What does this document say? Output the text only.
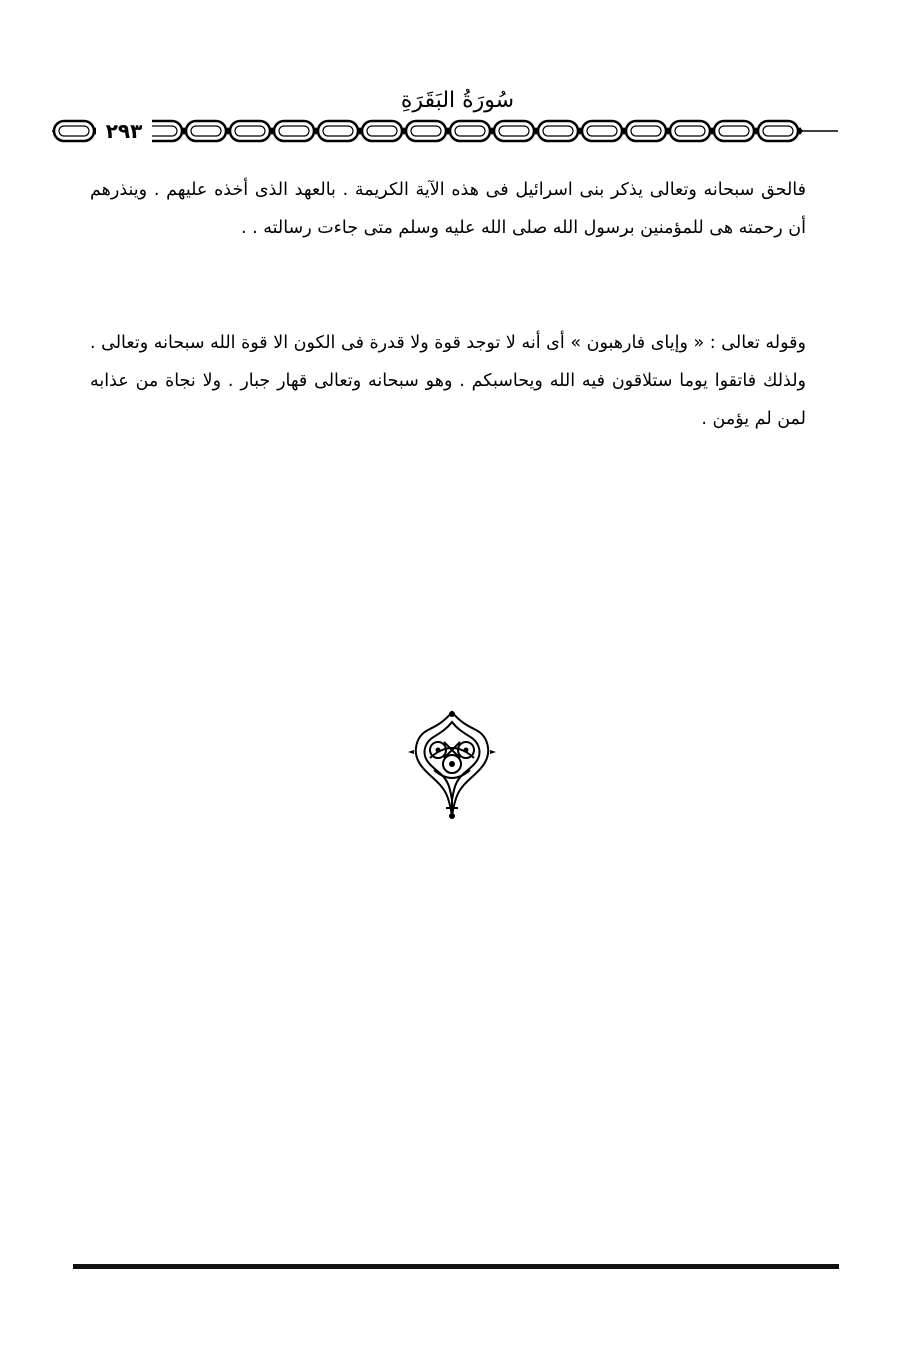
سُورَةُ البَقَرَةِ
٢٩٣
فالحق سبحانه وتعالى يذكر بنى اسرائيل فى هذه الآية الكريمة . بالعهد الذى أخذه عليهم . وينذرهم أن رحمته هى للمؤمنين برسول الله صلى الله عليه وسلم متى جاءت رسالته . .
وقوله تعالى : « وإياى فارهبون » أى أنه لا توجد قوة ولا قدرة فى الكون الا قوة الله سبحانه وتعالى . ولذلك فاتقوا يوما ستلاقون فيه الله ويحاسبكم . وهو سبحانه وتعالى قهار جبار . ولا نجاة من عذابه لمن لم يؤمن .
